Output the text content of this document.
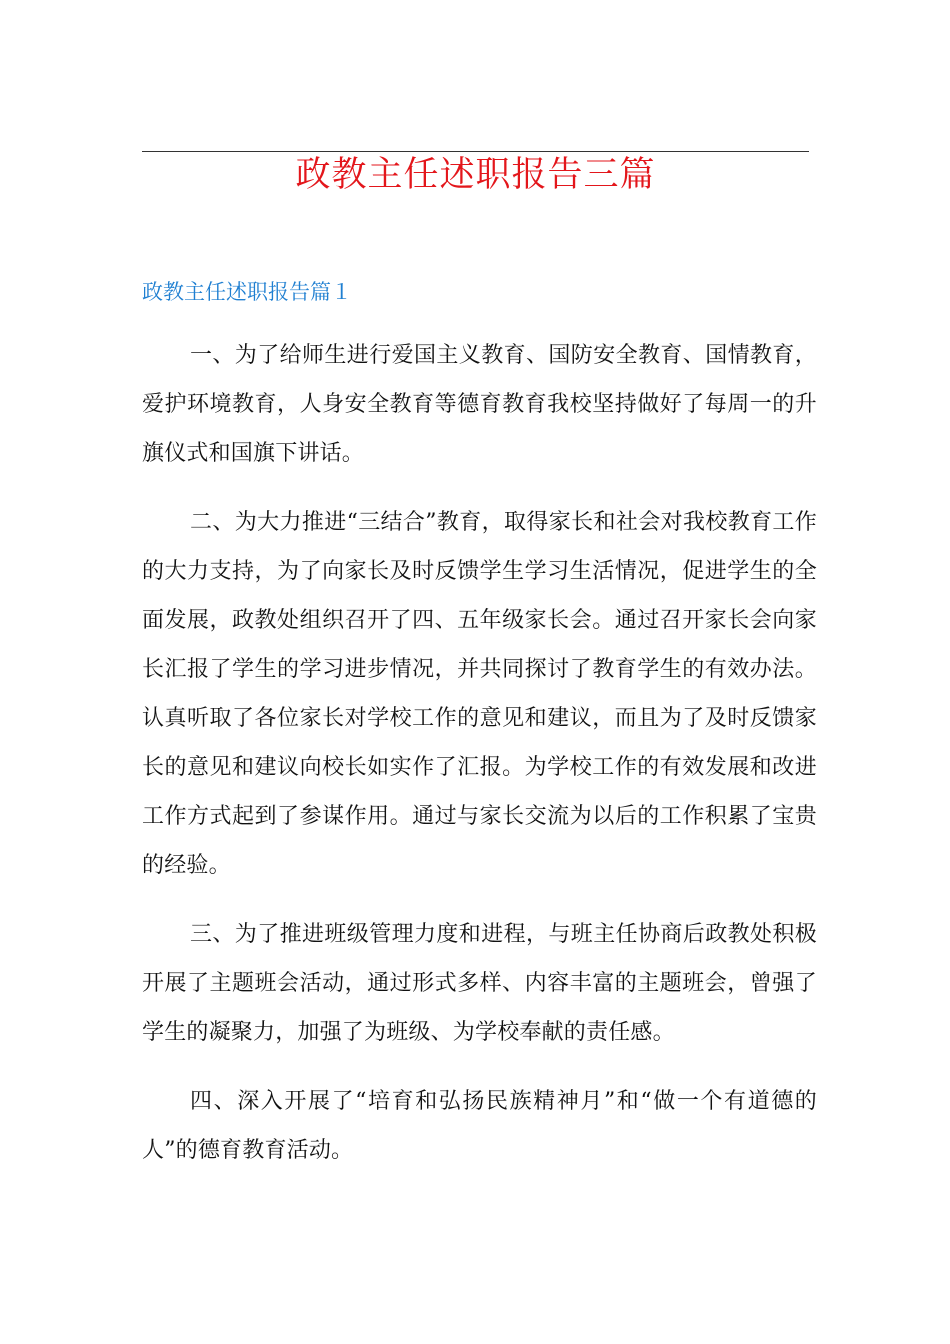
政教主任述职报告三篇
政教主任述职报告篇１

一、为了给师生进行爱国主义教育、国防安全教育、国情教育，爱护环境教育，人身安全教育等德育教育我校坚持做好了每周一的升旗仪式和国旗下讲话。

二、为大力推进“三结合”教育，取得家长和社会对我校教育工作的大力支持，为了向家长及时反馈学生学习生活情况，促进学生的全面发展，政教处组织召开了四、五年级家长会。通过召开家长会向家长汇报了学生的学习进步情况，并共同探讨了教育学生的有效办法。认真听取了各位家长对学校工作的意见和建议，而且为了及时反馈家长的意见和建议向校长如实作了汇报。为学校工作的有效发展和改进工作方式起到了参谋作用。通过与家长交流为以后的工作积累了宝贵的经验。

三、为了推进班级管理力度和进程，与班主任协商后政教处积极开展了主题班会活动，通过形式多样、内容丰富的主题班会，曾强了学生的凝聚力，加强了为班级、为学校奉献的责任感。

四、深入开展了“培育和弘扬民族精神月”和“做一个有道德的人”的德育教育活动。
